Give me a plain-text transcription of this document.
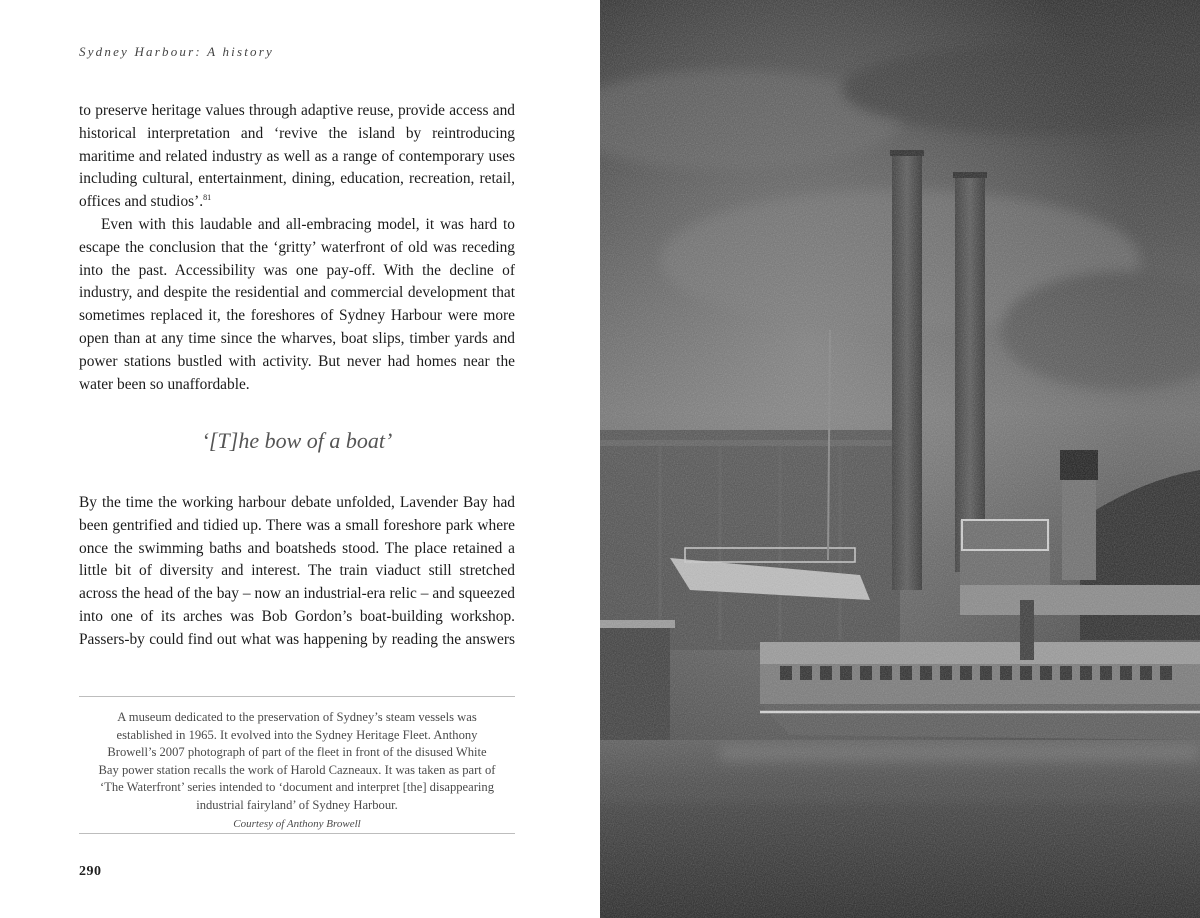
Sydney Harbour: A history

to preserve heritage values through adaptive reuse, provide access and historical interpretation and ‘revive the island by reintroducing maritime and related industry as well as a range of contemporary uses including cultural, entertainment, dining, education, recreation, retail, offices and studios’.$^{81}$

Even with this laudable and all-embracing model, it was hard to escape the conclusion that the ‘gritty’ waterfront of old was receding into the past. Accessibility was one pay-off. With the decline of industry, and despite the residential and commercial development that sometimes replaced it, the foreshores of Sydney Harbour were more open than at any time since the wharves, boat slips, timber yards and power stations bustled with activity. But never had homes near the water been so unaffordable.

‘[T]he bow of a boat’

By the time the working harbour debate unfolded, Lavender Bay had been gentrified and tidied up. There was a small foreshore park where once the swimming baths and boatsheds stood. The place retained a little bit of diversity and interest. The train viaduct still stretched across the head of the bay – now an industrial-era relic – and squeezed into one of its arches was Bob Gordon’s boat-building workshop. Passers-by could find out what was happening by reading the answers

A museum dedicated to the preservation of Sydney’s steam vessels was established in 1965. It evolved into the Sydney Heritage Fleet. Anthony Browell’s 2007 photograph of part of the fleet in front of the disused White Bay power station recalls the work of Harold Cazneaux. It was taken as part of ‘The Waterfront’ series intended to ‘document and interpret [the] disappearing industrial fairyland’ of Sydney Harbour.

Courtesy of Anthony Browell
290
